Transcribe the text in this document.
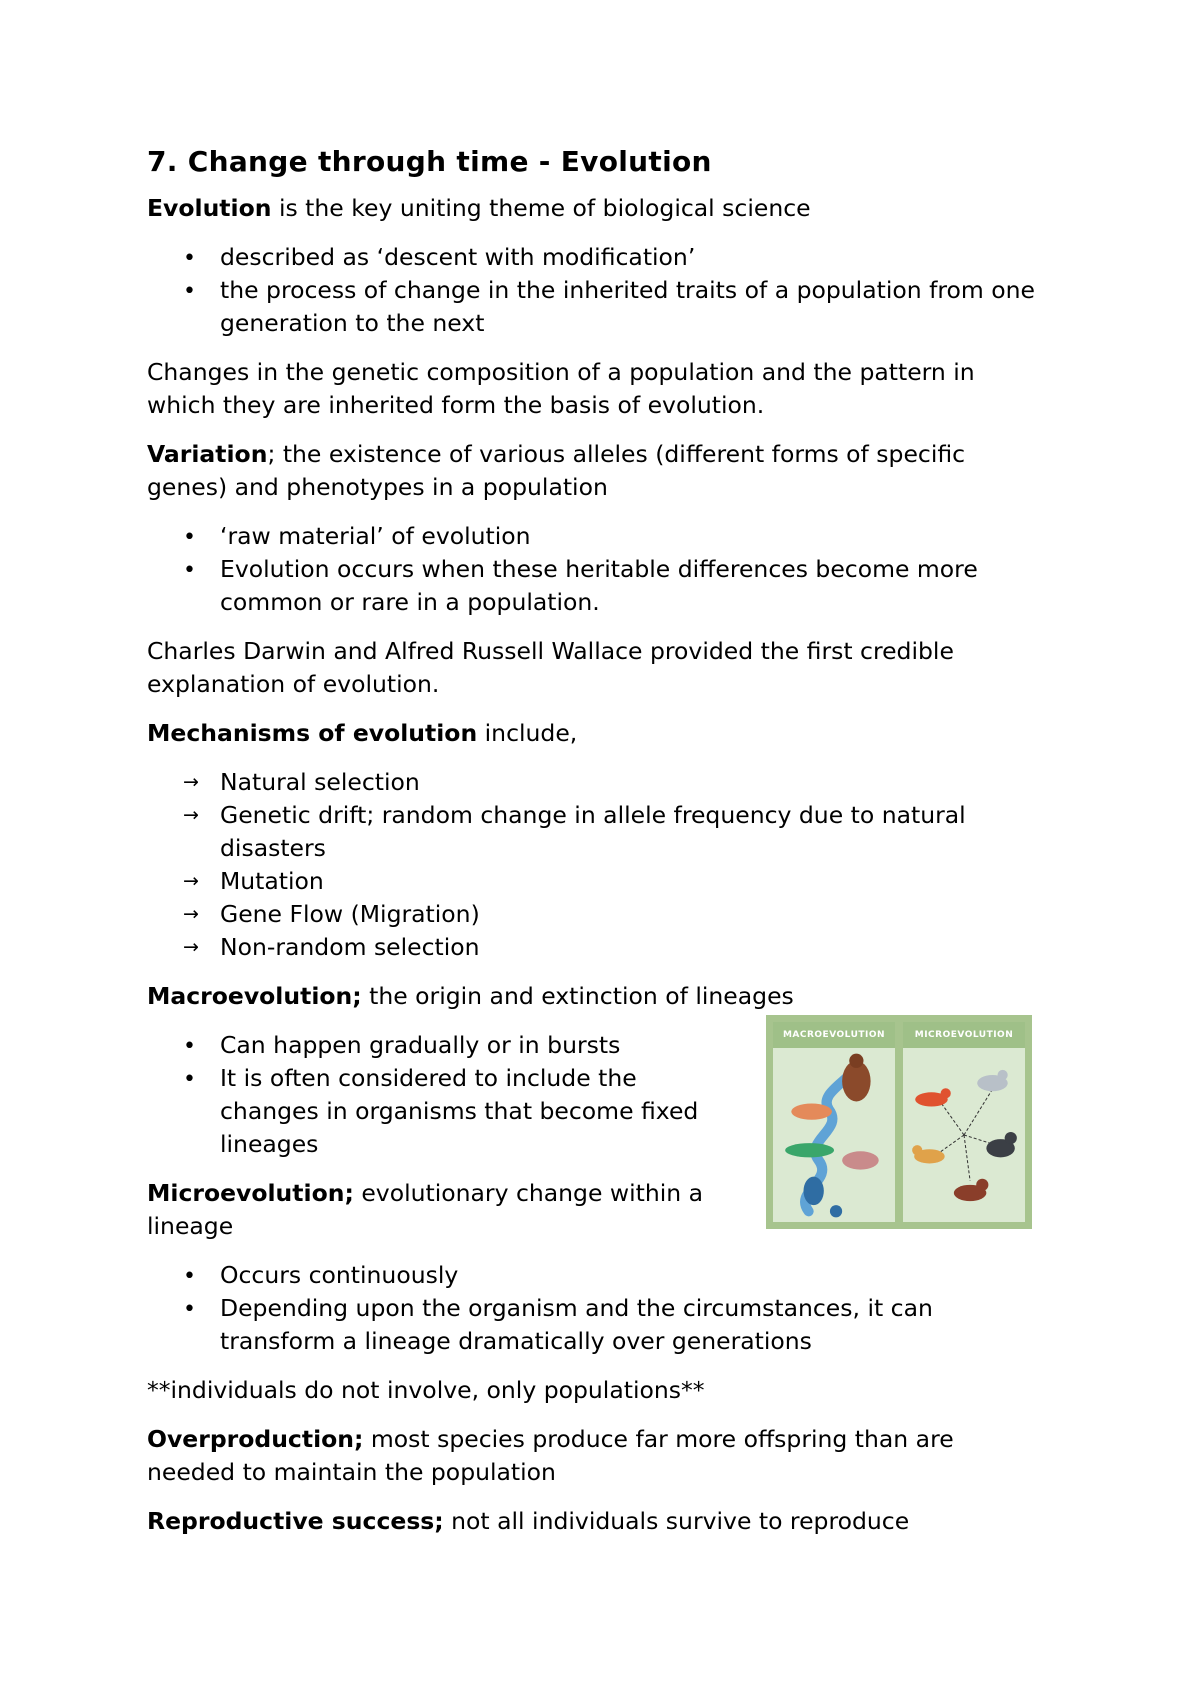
7. Change through time - Evolution

Evolution is the key uniting theme of biological science

•
described as ‘descent with modification’
•
the process of change in the inherited traits of a population from one generation to the next

Changes in the genetic composition of a population and the pattern in which they are inherited form the basis of evolution.

Variation; the existence of various alleles (different forms of specific genes) and phenotypes in a population

•
‘raw material’ of evolution
•
Evolution occurs when these heritable differences become more common or rare in a population.

Charles Darwin and Alfred Russell Wallace provided the first credible explanation of evolution.

Mechanisms of evolution include,

→ Natural selection
→ Genetic drift; random change in allele frequency due to natural disasters
→ Mutation
→ Gene Flow (Migration)
→ Non-random selection

Macroevolution; the origin and extinction of lineages

•
Can happen gradually or in bursts
•
It is often considered to include the changes in organisms that become fixed lineages

Microevolution; evolutionary change within a lineage

•
Occurs continuously
•
Depending upon the organism and the circumstances, it can transform a lineage dramatically over generations

**individuals do not involve, only populations**

Overproduction; most species produce far more offspring than are needed to maintain the population

Reproductive success; not all individuals survive to reproduce

MACROEVOLUTION	MICROEVOLUTION
